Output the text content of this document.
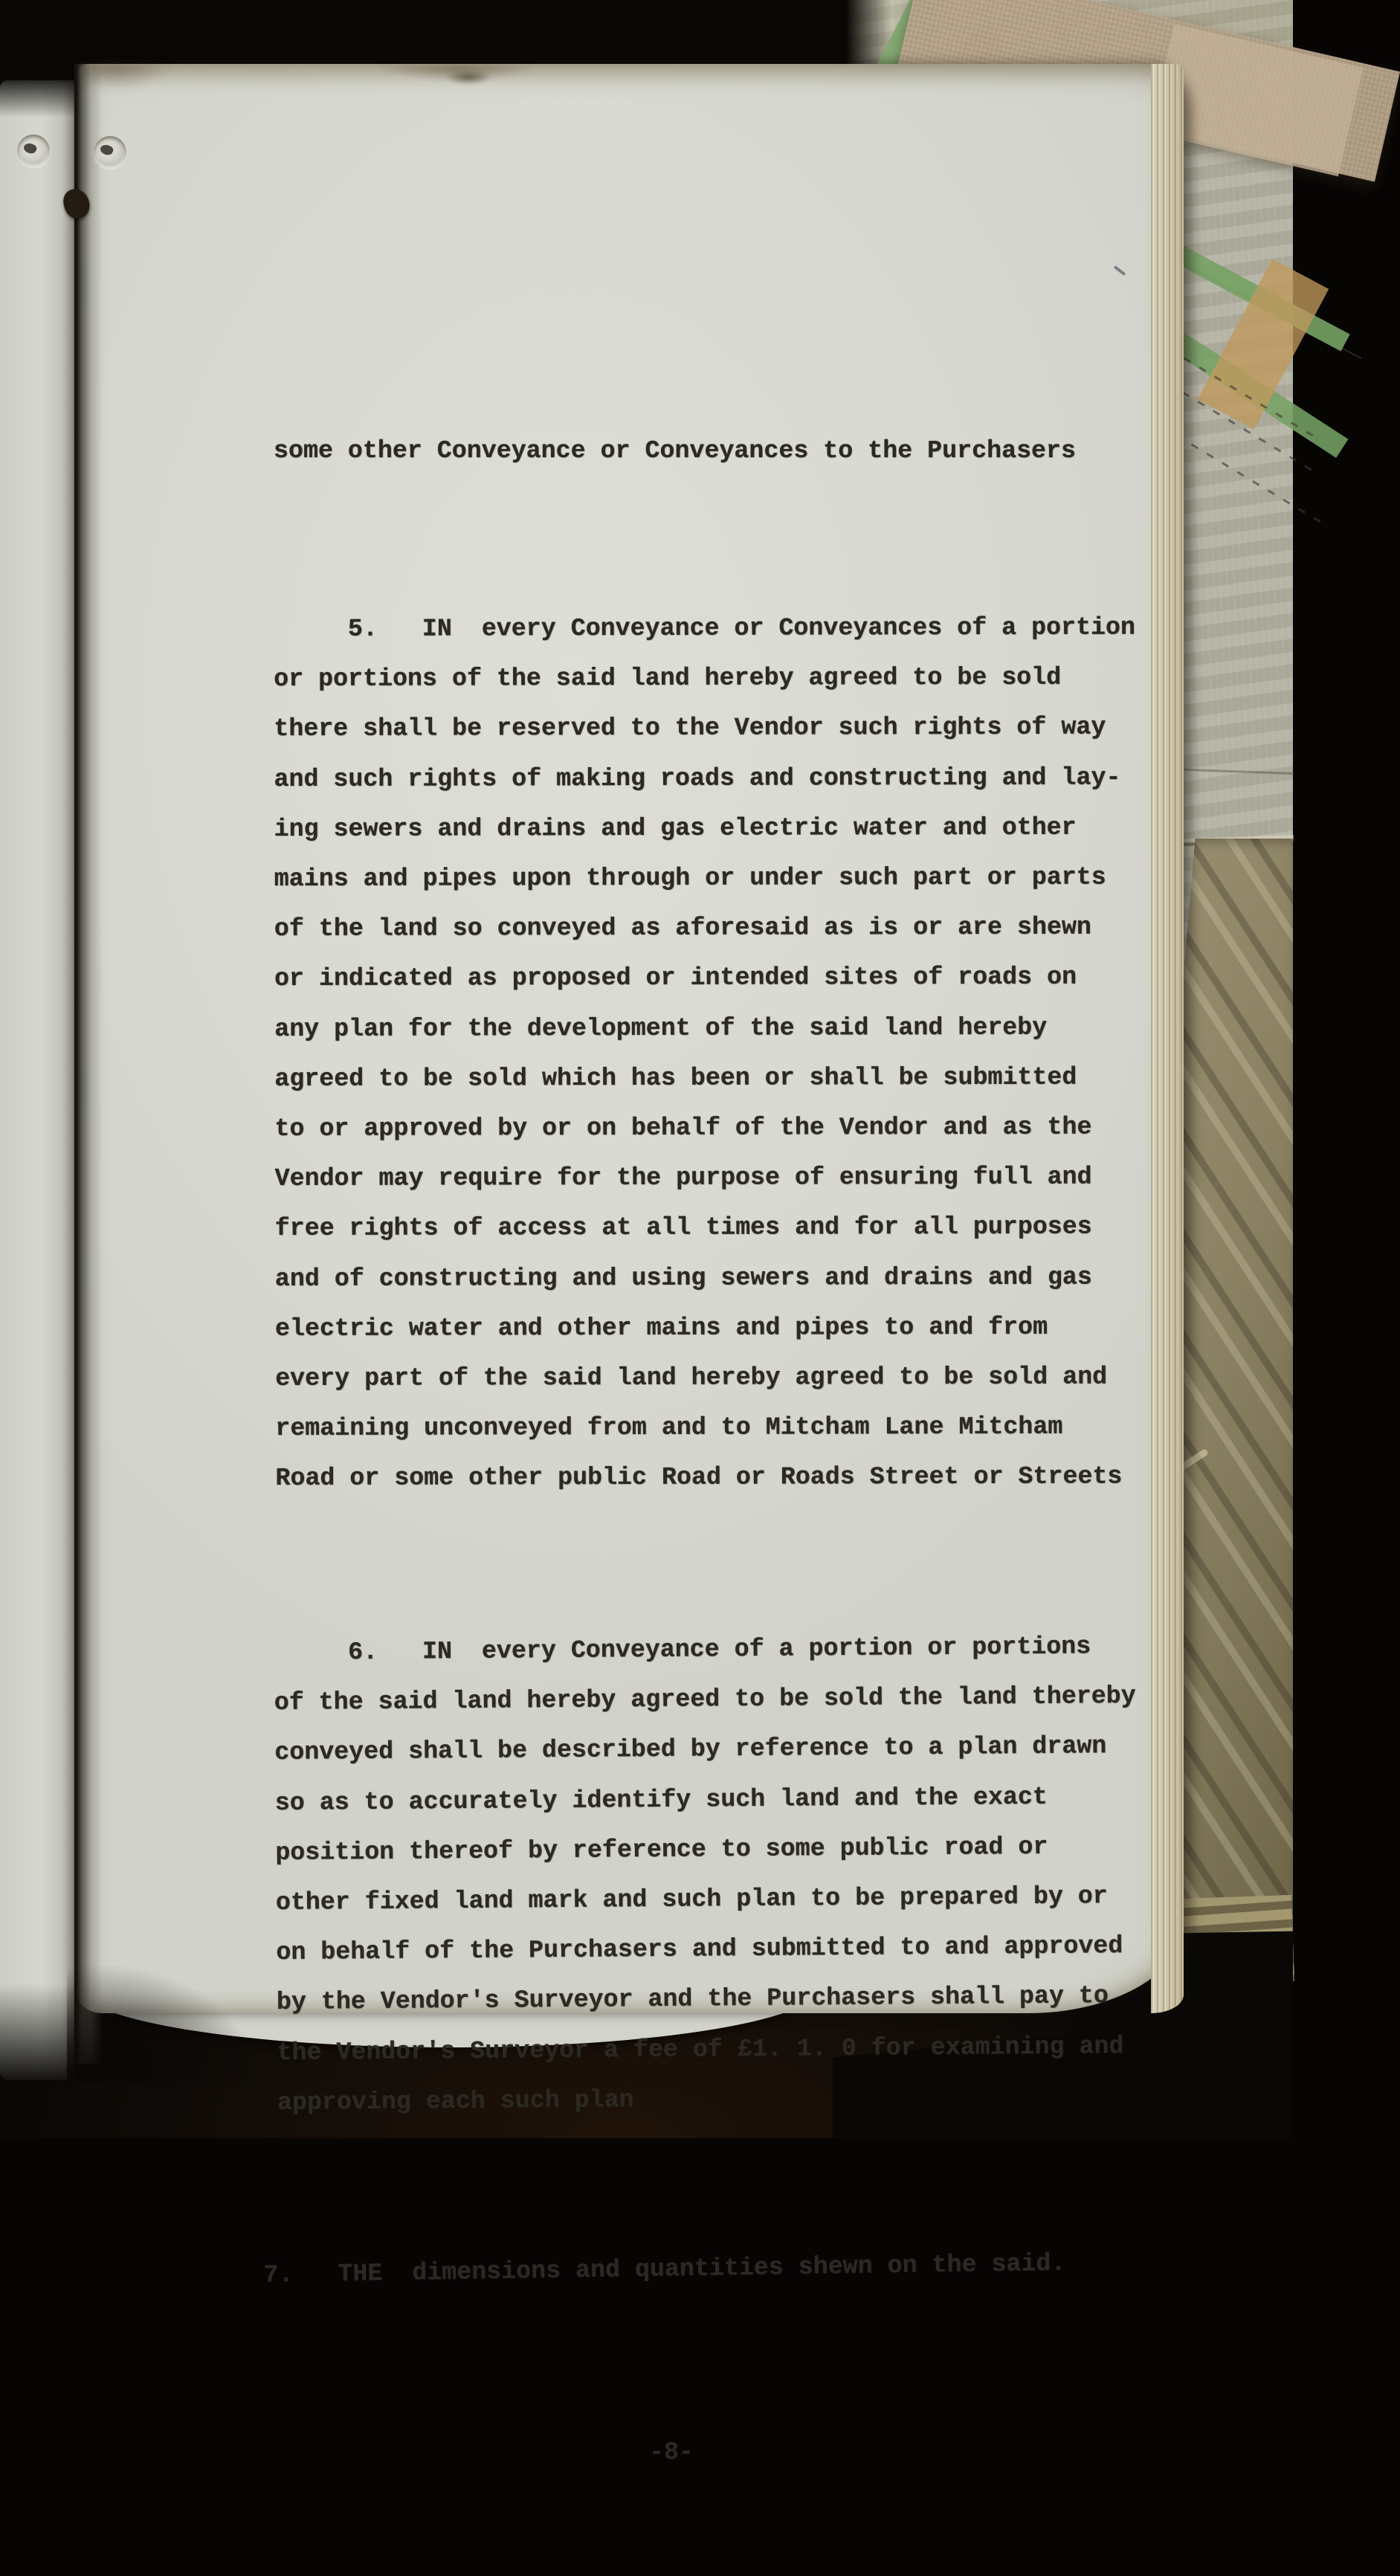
some other Conveyance or Conveyances to the Purchasers

5.   IN  every Conveyance or Conveyances of a portion
or portions of the said land hereby agreed to be sold
there shall be reserved to the Vendor such rights of way
and such rights of making roads and constructing and lay-
ing sewers and drains and gas electric water and other
mains and pipes upon through or under such part or parts
of the land so conveyed as aforesaid as is or are shewn
or indicated as proposed or intended sites of roads on
any plan for the development of the said land hereby
agreed to be sold which has been or shall be submitted
to or approved by or on behalf of the Vendor and as the
Vendor may require for the purpose of ensuring full and
free rights of access at all times and for all purposes
and of constructing and using sewers and drains and gas
electric water and other mains and pipes to and from
every part of the said land hereby agreed to be sold and
remaining unconveyed from and to Mitcham Lane Mitcham
Road or some other public Road or Roads Street or Streets

6.   IN  every Conveyance of a portion or portions
of the said land hereby agreed to be sold the land thereby
conveyed shall be described by reference to a plan drawn
so as to accurately identify such land and the exact
position thereof by reference to some public road or
other fixed land mark and such plan to be prepared by or
on behalf of the Purchasers and submitted to and approved
by the Vendor's Surveyor and the Purchasers shall pay to
the Vendor's Surveyor a fee of £1. 1. 0 for examining and
approving each such plan

7.   THE  dimensions and quantities shewn on the said.

-8-
